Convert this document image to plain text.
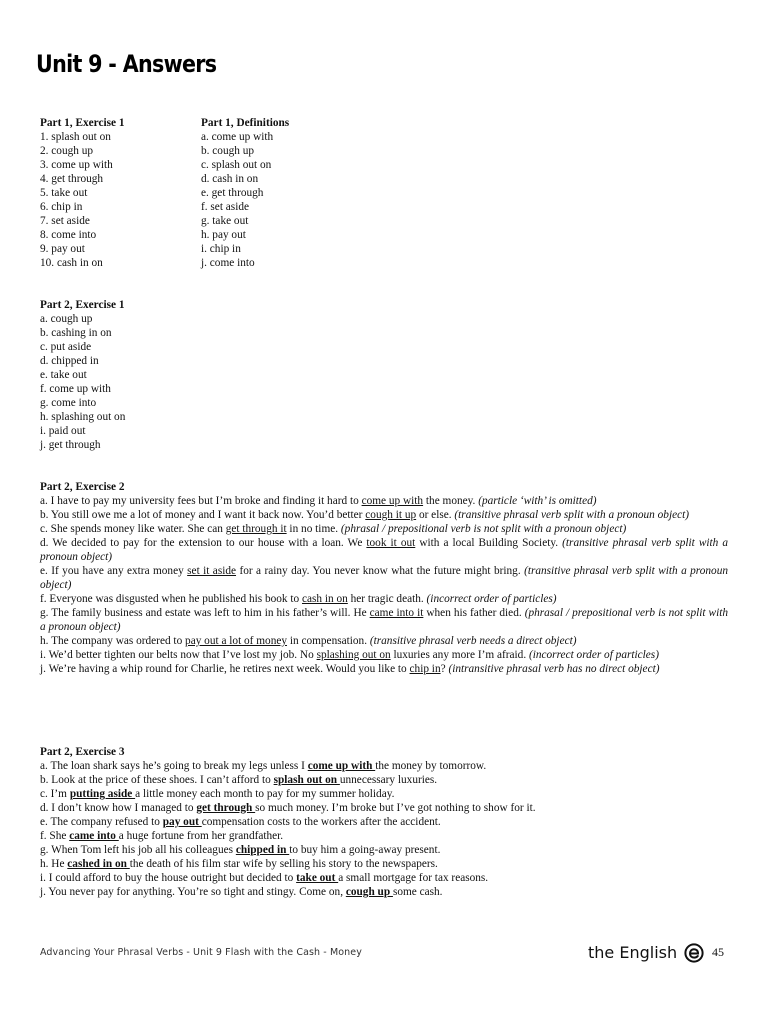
Unit 9 - Answers
Part 1, Exercise 1
1. splash out on
2. cough up
3. come up with
4. get through
5. take out
6. chip in
7. set aside
8. come into
9. pay out
10. cash in on
Part 1, Definitions
a. come up with
b. cough up
c. splash out on
d. cash in on
e. get through
f. set aside
g. take out
h. pay out
i. chip in
j. come into
Part 2, Exercise 1
a. cough up
b. cashing in on
c. put aside
d. chipped in
e. take out
f. come up with
g. come into
h. splashing out on
i. paid out
j. get through
Part 2, Exercise 2
a. I have to pay my university fees but I’m broke and finding it hard to come up with the money. (particle ‘with’ is omitted)
b. You still owe me a lot of money and I want it back now. You’d better cough it up or else. (transitive phrasal verb split with a pronoun object)
c. She spends money like water. She can get through it in no time. (phrasal / prepositional verb is not split with a pronoun object)
d. We decided to pay for the extension to our house with a loan. We took it out with a local Building Society. (transitive phrasal verb split with a pronoun object)
e. If you have any extra money set it aside for a rainy day. You never know what the future might bring. (transitive phrasal verb split with a pronoun object)
f. Everyone was disgusted when he published his book to cash in on her tragic death. (incorrect order of particles)
g. The family business and estate was left to him in his father’s will. He came into it when his father died. (phrasal / prepositional verb is not split with a pronoun object)
h. The company was ordered to pay out a lot of money in compensation. (transitive phrasal verb needs a direct object)
i. We’d better tighten our belts now that I’ve lost my job. No splashing out on luxuries any more I’m afraid. (incorrect order of particles)
j. We’re having a whip round for Charlie, he retires next week. Would you like to chip in? (intransitive phrasal verb has no direct object)
Part 2, Exercise 3
a. The loan shark says he’s going to break my legs unless I come up with the money by tomorrow.
b. Look at the price of these shoes. I can’t afford to splash out on unnecessary luxuries.
c. I’m putting aside a little money each month to pay for my summer holiday.
d. I don’t know how I managed to get through so much money. I’m broke but I’ve got nothing to show for it.
e. The company refused to pay out compensation costs to the workers after the accident.
f. She came into a huge fortune from her grandfather.
g. When Tom left his job all his colleagues chipped in to buy him a going-away present.
h. He cashed in on the death of his film star wife by selling his story to the newspapers.
i. I could afford to buy the house outright but decided to take out a small mortgage for tax reasons.
j. You never pay for anything. You’re so tight and stingy. Come on, cough up some cash.
Advancing Your Phrasal Verbs - Unit 9 Flash with the Cash - Money	the English	45
